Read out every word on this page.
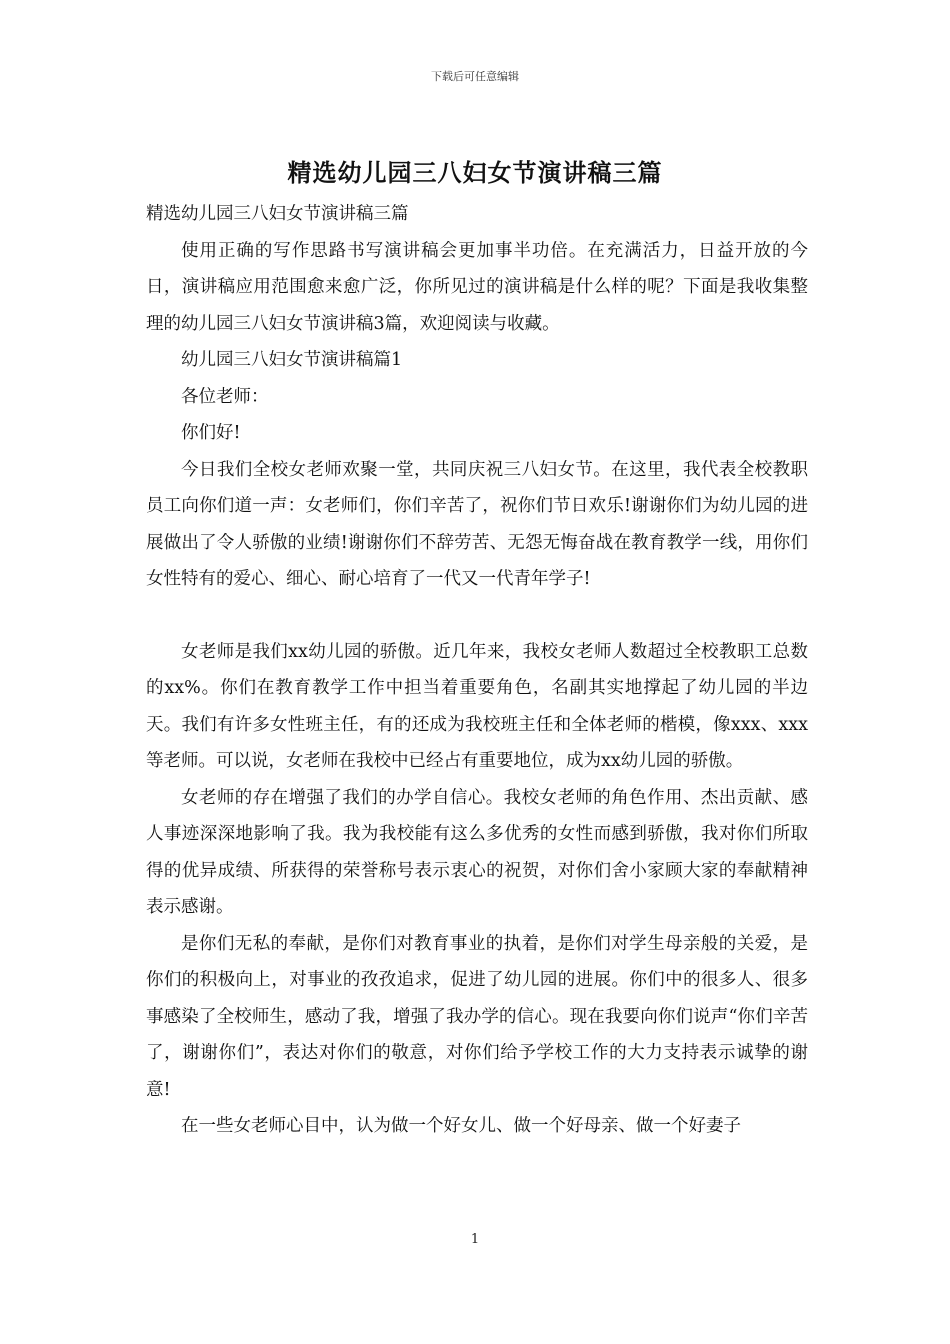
下载后可任意编辑
精选幼儿园三八妇女节演讲稿三篇

精选幼儿园三八妇女节演讲稿三篇

使用正确的写作思路书写演讲稿会更加事半功倍。在充满活力，日益开放的今日，演讲稿应用范围愈来愈广泛，你所见过的演讲稿是什么样的呢？下面是我收集整理的幼儿园三八妇女节演讲稿3篇，欢迎阅读与收藏。

幼儿园三八妇女节演讲稿篇1

各位老师：

你们好!

今日我们全校女老师欢聚一堂，共同庆祝三八妇女节。在这里，我代表全校教职员工向你们道一声：女老师们，你们辛苦了，祝你们节日欢乐!谢谢你们为幼儿园的进展做出了令人骄傲的业绩!谢谢你们不辞劳苦、无怨无悔奋战在教育教学一线，用你们女性特有的爱心、细心、耐心培育了一代又一代青年学子!

女老师是我们xx幼儿园的骄傲。近几年来，我校女老师人数超过全校教职工总数的xx%。你们在教育教学工作中担当着重要角色，名副其实地撑起了幼儿园的半边天。我们有许多女性班主任，有的还成为我校班主任和全体老师的楷模，像xxx、xxx等老师。可以说，女老师在我校中已经占有重要地位，成为xx幼儿园的骄傲。

女老师的存在增强了我们的办学自信心。我校女老师的角色作用、杰出贡献、感人事迹深深地影响了我。我为我校能有这么多优秀的女性而感到骄傲，我对你们所取得的优异成绩、所获得的荣誉称号表示衷心的祝贺，对你们舍小家顾大家的奉献精神表示感谢。

是你们无私的奉献，是你们对教育事业的执着，是你们对学生母亲般的关爱，是你们的积极向上，对事业的孜孜追求，促进了幼儿园的进展。你们中的很多人、很多事感染了全校师生，感动了我，增强了我办学的信心。现在我要向你们说声“你们辛苦了，谢谢你们”，表达对你们的敬意，对你们给予学校工作的大力支持表示诚挚的谢意!

在一些女老师心目中，认为做一个好女儿、做一个好母亲、做一个好妻子

1
